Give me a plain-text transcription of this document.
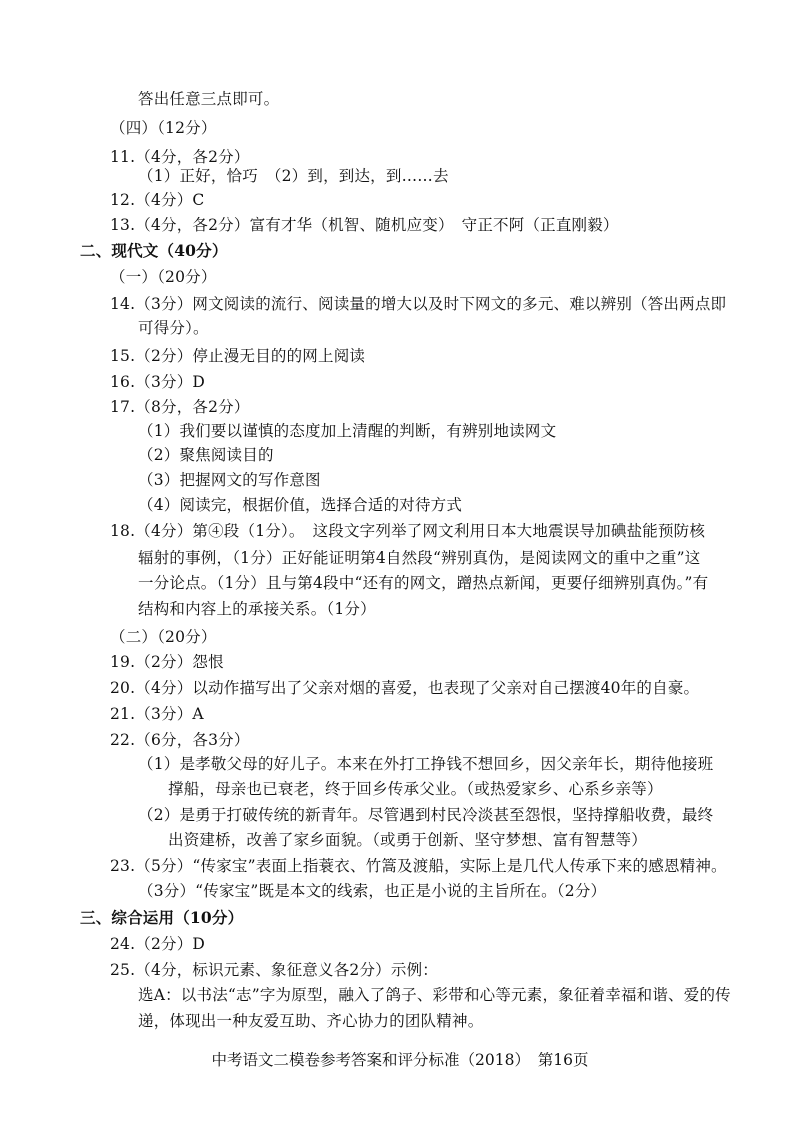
答出任意三点即可。
（四）（12分）
11.（4分，各2分）
（1）正好，恰巧　（2）到，到达，到……去
12.（4分）C
13.（4分，各2分）富有才华（机智、随机应变）　守正不阿（正直刚毅）
二、现代文（40分）
（一）（20分）
14.（3分）网文阅读的流行、阅读量的增大以及时下网文的多元、难以辨别（答出两点即
可得分）。
15.（2分）停止漫无目的的网上阅读
16.（3分）D
17.（8分，各2分）
（1）我们要以谨慎的态度加上清醒的判断，有辨别地读网文
（2）聚焦阅读目的
（3）把握网文的写作意图
（4）阅读完，根据价值，选择合适的对待方式
18.（4分）第④段（1分）。　这段文字列举了网文利用日本大地震误导加碘盐能预防核
辐射的事例，（1分）正好能证明第4自然段“辨别真伪，是阅读网文的重中之重”这
一分论点。（1分）且与第4段中“还有的网文，蹭热点新闻，更要仔细辨别真伪。”有
结构和内容上的承接关系。（1分）
（二）（20分）
19.（2分）怨恨
20.（4分）以动作描写出了父亲对烟的喜爱，也表现了父亲对自己摆渡40年的自豪。
21.（3分）A
22.（6分，各3分）
（1）是孝敬父母的好儿子。本来在外打工挣钱不想回乡，因父亲年长，期待他接班
撑船，母亲也已衰老，终于回乡传承父业。（或热爱家乡、心系乡亲等）
（2）是勇于打破传统的新青年。尽管遇到村民冷淡甚至怨恨，坚持撑船收费，最终
出资建桥，改善了家乡面貌。（或勇于创新、坚守梦想、富有智慧等）
23.（5分）“传家宝”表面上指蓑衣、竹篙及渡船，实际上是几代人传承下来的感恩精神。
（3分）“传家宝”既是本文的线索，也正是小说的主旨所在。（2分）
三、综合运用（10分）
24.（2分）D
25.（4分，标识元素、象征意义各2分）示例：
选A：以书法“志”字为原型，融入了鸽子、彩带和心等元素，象征着幸福和谐、爱的传
递，体现出一种友爱互助、齐心协力的团队精神。
中考语文二模卷参考答案和评分标准（2018）　第16页
